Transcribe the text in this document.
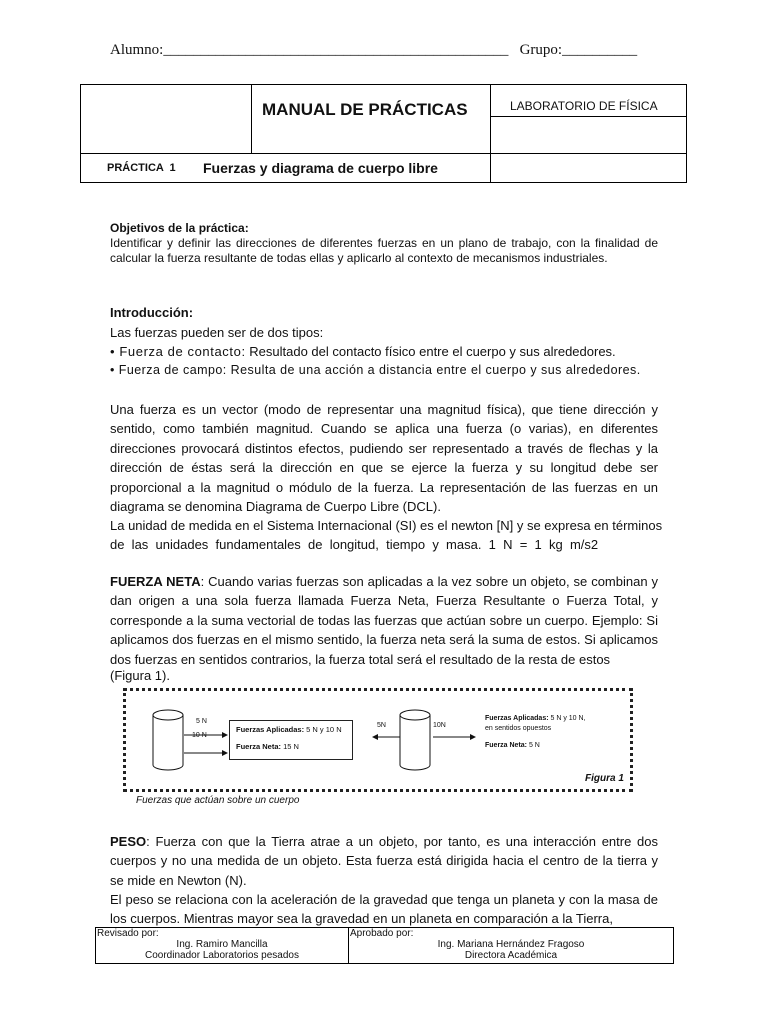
Alumno:______________________________________________ Grupo:__________
MANUAL DE PRÁCTICAS	LABORATORIO DE FÍSICA
PRÁCTICA  1 Fuerzas y diagrama de cuerpo libre
Objetivos de la práctica:
Identificar y definir las direcciones de diferentes fuerzas en un plano de trabajo, con la finalidad de calcular la fuerza resultante de todas ellas y aplicarlo al contexto de mecanismos industriales.
Introducción:
Las fuerzas pueden ser de dos tipos:
• Fuerza de contacto: Resultado del contacto físico entre el cuerpo y sus alrededores.
• Fuerza de campo: Resulta de una acción a distancia entre el cuerpo y sus alrededores.
Una fuerza es un vector (modo de representar una magnitud física), que tiene dirección y sentido, como también magnitud. Cuando se aplica una fuerza (o varias), en diferentes direcciones provocará distintos efectos, pudiendo ser representado a través de flechas y la dirección de éstas será la dirección en que se ejerce la fuerza y su longitud debe ser proporcional a la magnitud o módulo de la fuerza. La representación de las fuerzas en un diagrama se denomina Diagrama de Cuerpo Libre (DCL).
La unidad de medida en el Sistema Internacional (SI) es el newton [N] y se expresa en términos
de  las  unidades  fundamentales  de  longitud,  tiempo  y  masa.  1  N  =  1  kg  m/s2
FUERZA NETA: Cuando varias fuerzas son aplicadas a la vez sobre un objeto, se combinan y dan origen a una sola fuerza llamada Fuerza Neta, Fuerza Resultante o Fuerza Total, y corresponde a la suma vectorial de todas las fuerzas que actúan sobre un cuerpo. Ejemplo: Si aplicamos dos fuerzas en el mismo sentido, la fuerza neta será la suma de estos. Si aplicamos dos fuerzas en sentidos contrarios, la fuerza total será el resultado de la resta de estos
(Figura 1).
5 N
10 N
Fuerzas Aplicadas: 5 N y 10 N
Fuerza Neta: 15 N
5N	10N
Fuerzas Aplicadas: 5 N y 10 N, en sentidos opuestos
Fuerza Neta: 5 N
Figura 1
Fuerzas que actúan sobre un cuerpo
PESO: Fuerza con que la Tierra atrae a un objeto, por tanto, es una interacción entre dos cuerpos y no una medida de un objeto. Esta fuerza está dirigida hacia el centro de la tierra y se mide en Newton (N).
El peso se relaciona con la aceleración de la gravedad que tenga un planeta y con la masa de los cuerpos. Mientras mayor sea la gravedad en un planeta en comparación a la Tierra,
Revisado por:
Ing. Ramiro Mancilla
Coordinador Laboratorios pesados
Aprobado por:
Ing. Mariana Hernández Fragoso
Directora Académica
